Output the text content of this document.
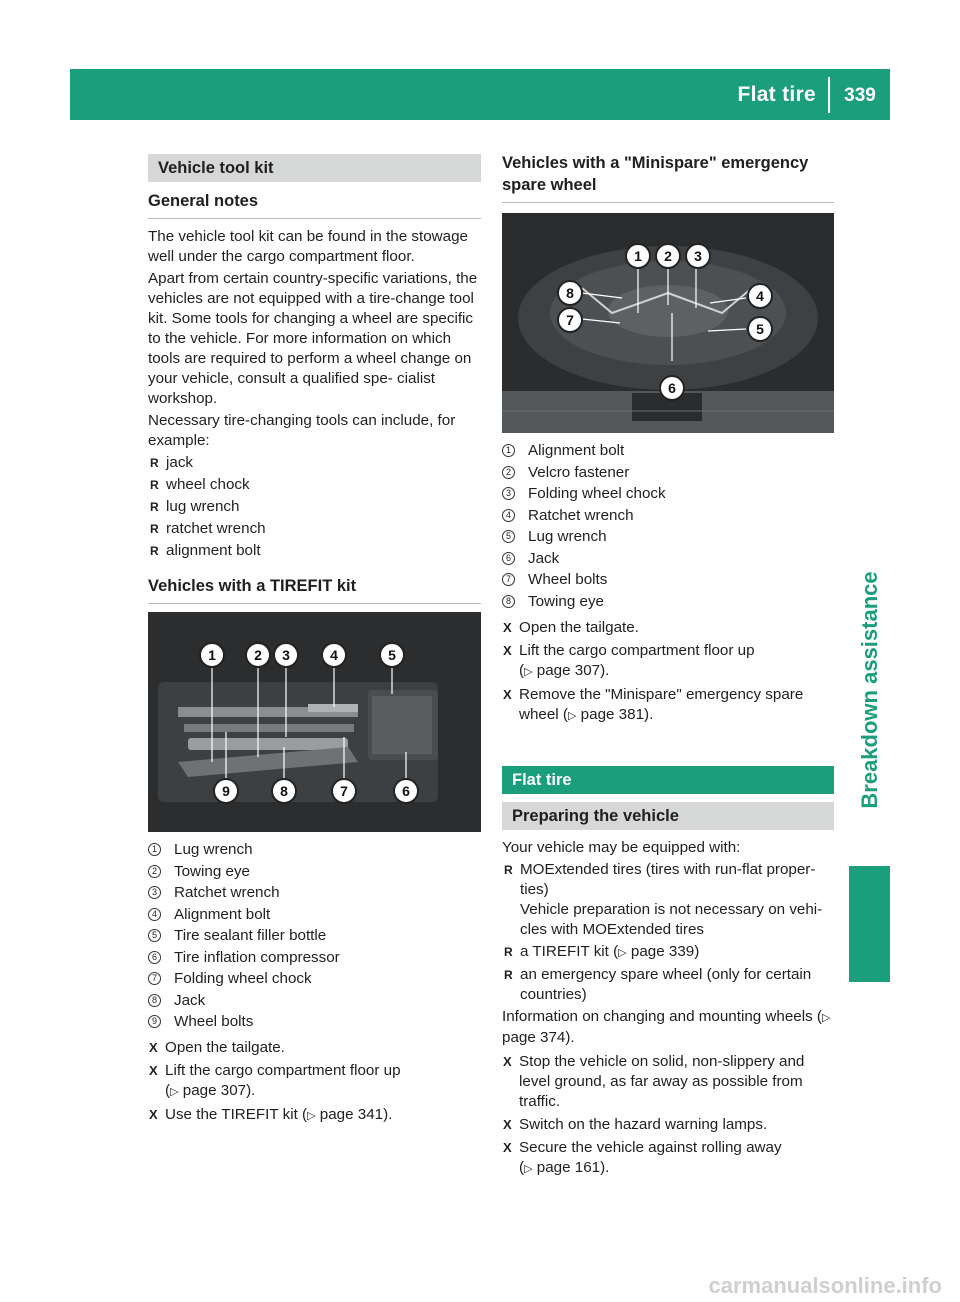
Flat tire	339
Breakdown assistance
Vehicle tool kit
General notes

The vehicle tool kit can be found in the stowage well under the cargo compartment floor.

Apart from certain country-specific variations, the vehicles are not equipped with a tire-change tool kit. Some tools for changing a wheel are specific to the vehicle. For more information on which tools are required to perform a wheel change on your vehicle, consult a qualified spe- cialist workshop.

Necessary tire-changing tools can include, for example:

R jack
R wheel chock
R lug wrench
R ratchet wrench
R alignment bolt
Vehicles with a TIREFIT kit
1	2	3	4	5
6
7
8
9
1 Lug wrench
2 Towing eye
3 Ratchet wrench
4 Alignment bolt
5 Tire sealant filler bottle
6 Tire inflation compressor
7 Folding wheel chock
8 Jack
9 Wheel bolts
X Open the tailgate.
X Lift the cargo compartment floor up
(▷ page 307).
X Use the TIREFIT kit (▷ page 341).
Vehicles with a "Minispare" emergency spare wheel
1	2	3
4
5
6
7
8
1 Alignment bolt
2 Velcro fastener
3 Folding wheel chock
4 Ratchet wrench
5 Lug wrench
6 Jack
7 Wheel bolts
8 Towing eye
X Open the tailgate.
X Lift the cargo compartment floor up
(▷ page 307).
X Remove the "Minispare" emergency spare
wheel (▷ page 381).
Flat tire
Preparing the vehicle

Your vehicle may be equipped with:

R MOExtended tires (tires with run-flat proper- ties)
Vehicle preparation is not necessary on vehi- cles with MOExtended tires
R a TIREFIT kit (▷ page 339)
R an emergency spare wheel (only for certain countries)

Information on changing and mounting wheels (▷ page 374).

X Stop the vehicle on solid, non-slippery and level ground, as far away as possible from traffic.
X Switch on the hazard warning lamps.
X Secure the vehicle against rolling away
(▷ page 161).
carmanualsonline.info
